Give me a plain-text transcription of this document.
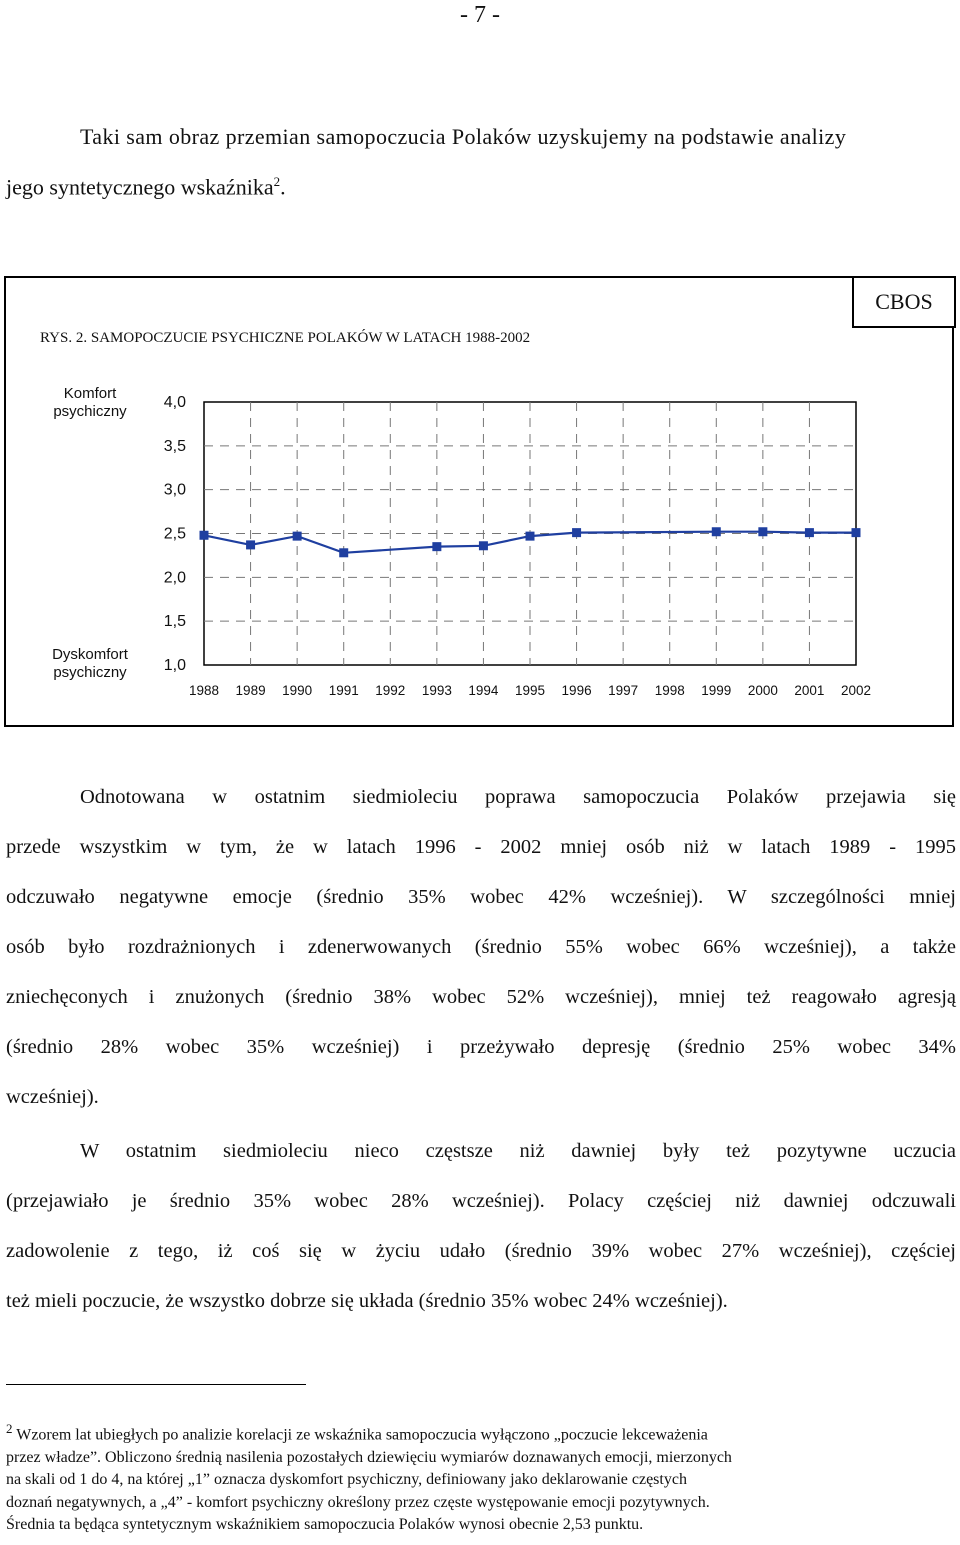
- 7 -
Taki sam obraz przemian samopoczucia Polaków uzyskujemy na podstawie analizy
jego syntetycznego wskaźnika$^2$.
CBOS
RYS. 2. SAMOPOCZUCIE PSYCHICZNE POLAKÓW W LATACH 1988-2002
Komfort psychiczny
Dyskomfort psychiczny
4,0
3,5
3,0
2,5
2,0
1,5
1,0
1988 1989 1990 1991 1992 1993 1994 1995 1996 1997 1998 1999 2000 2001 2002
Odnotowana w ostatnim siedmioleciu poprawa samopoczucia Polaków przejawia się
przede wszystkim w tym, że w latach 1996 - 2002 mniej osób niż w latach 1989 - 1995
odczuwało negatywne emocje (średnio 35% wobec 42% wcześniej). W szczególności mniej
osób było rozdrażnionych i zdenerwowanych (średnio 55% wobec 66% wcześniej), a także
zniechęconych i znużonych (średnio 38% wobec 52% wcześniej), mniej też reagowało agresją
(średnio 28% wobec 35% wcześniej) i przeżywało depresję (średnio 25% wobec 34%
wcześniej).
W ostatnim siedmioleciu nieco częstsze niż dawniej były też pozytywne uczucia
(przejawiało je średnio 35% wobec 28% wcześniej). Polacy częściej niż dawniej odczuwali
zadowolenie z tego, iż coś się w życiu udało (średnio 39% wobec 27% wcześniej), częściej
też mieli poczucie, że wszystko dobrze się układa (średnio 35% wobec 24% wcześniej).
$^2$ Wzorem lat ubiegłych po analizie korelacji ze wskaźnika samopoczucia wyłączono „poczucie lekceważenia
przez władze”. Obliczono średnią nasilenia pozostałych dziewięciu wymiarów doznawanych emocji, mierzonych
na skali od 1 do 4, na której „1” oznacza dyskomfort psychiczny, definiowany jako deklarowanie częstych
doznań negatywnych, a „4” - komfort psychiczny określony przez częste występowanie emocji pozytywnych.
Średnia ta będąca syntetycznym wskaźnikiem samopoczucia Polaków wynosi obecnie 2,53 punktu.
